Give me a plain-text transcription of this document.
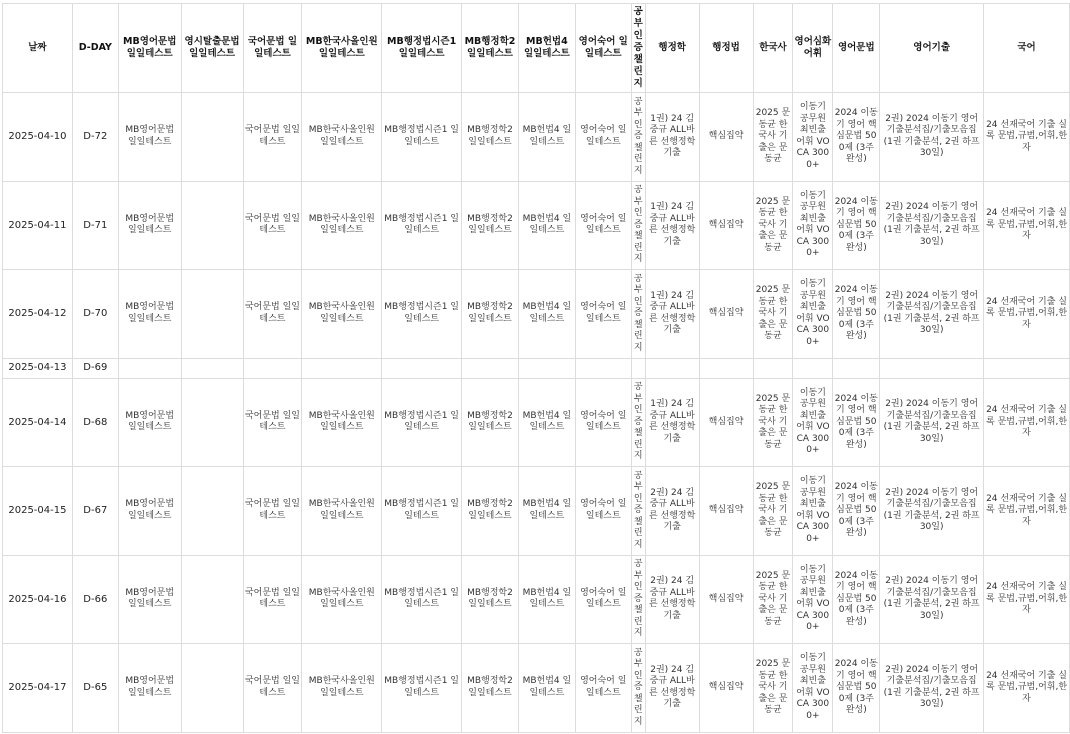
날짜	D-DAY	MB영어문법 일일테스트	영시탈출문법 일일테스트	국어문법 일일테스트	MB한국사올인원 일일테스트	MB행정법시즌1 일일테스트	MB행정학2 일일테스트	MB헌법4 일일테스트	영어숙어 일일테스트	공부인증챌린지	행정학	행정법	한국사	영어심화어휘	영어문법	영어기출	국어
2025-04-10	D-72	MB영어문법 일일테스트		국어문법 일일테스트	MB한국사올인원 일일테스트	MB행정법시즌1 일일테스트	MB행정학2 일일테스트	MB헌법4 일일테스트	영어숙어 일일테스트	공부인증챌린지	1권) 24 김중규 ALL바른 선행정학 기출	핵심집약	2025 문동균 한국사 기출은 문동균	이동기 공무원 최빈출 어휘 VOCA 3000+	2024 이동기 영어 핵심문법 500제 (3주 완성)	2권) 2024 이동기 영어 기출분석집/기출모음집 (1권 기출분석, 2권 하프30일)	24 선재국어 기출 실록 문법,규범,어휘,한자
2025-04-11	D-71	MB영어문법 일일테스트		국어문법 일일테스트	MB한국사올인원 일일테스트	MB행정법시즌1 일일테스트	MB행정학2 일일테스트	MB헌법4 일일테스트	영어숙어 일일테스트	공부인증챌린지	1권) 24 김중규 ALL바른 선행정학 기출	핵심집약	2025 문동균 한국사 기출은 문동균	이동기 공무원 최빈출 어휘 VOCA 3000+	2024 이동기 영어 핵심문법 500제 (3주 완성)	2권) 2024 이동기 영어 기출분석집/기출모음집 (1권 기출분석, 2권 하프30일)	24 선재국어 기출 실록 문법,규범,어휘,한자
2025-04-12	D-70	MB영어문법 일일테스트		국어문법 일일테스트	MB한국사올인원 일일테스트	MB행정법시즌1 일일테스트	MB행정학2 일일테스트	MB헌법4 일일테스트	영어숙어 일일테스트	공부인증챌린지	1권) 24 김중규 ALL바른 선행정학 기출	핵심집약	2025 문동균 한국사 기출은 문동균	이동기 공무원 최빈출 어휘 VOCA 3000+	2024 이동기 영어 핵심문법 500제 (3주 완성)	2권) 2024 이동기 영어 기출분석집/기출모음집 (1권 기출분석, 2권 하프30일)	24 선재국어 기출 실록 문법,규범,어휘,한자
2025-04-13	D-69																
2025-04-14	D-68	MB영어문법 일일테스트		국어문법 일일테스트	MB한국사올인원 일일테스트	MB행정법시즌1 일일테스트	MB행정학2 일일테스트	MB헌법4 일일테스트	영어숙어 일일테스트	공부인증챌린지	1권) 24 김중규 ALL바른 선행정학 기출	핵심집약	2025 문동균 한국사 기출은 문동균	이동기 공무원 최빈출 어휘 VOCA 3000+	2024 이동기 영어 핵심문법 500제 (3주 완성)	2권) 2024 이동기 영어 기출분석집/기출모음집 (1권 기출분석, 2권 하프30일)	24 선재국어 기출 실록 문법,규범,어휘,한자
2025-04-15	D-67	MB영어문법 일일테스트		국어문법 일일테스트	MB한국사올인원 일일테스트	MB행정법시즌1 일일테스트	MB행정학2 일일테스트	MB헌법4 일일테스트	영어숙어 일일테스트	공부인증챌린지	2권) 24 김중규 ALL바른 선행정학 기출	핵심집약	2025 문동균 한국사 기출은 문동균	이동기 공무원 최빈출 어휘 VOCA 3000+	2024 이동기 영어 핵심문법 500제 (3주 완성)	2권) 2024 이동기 영어 기출분석집/기출모음집 (1권 기출분석, 2권 하프30일)	24 선재국어 기출 실록 문법,규범,어휘,한자
2025-04-16	D-66	MB영어문법 일일테스트		국어문법 일일테스트	MB한국사올인원 일일테스트	MB행정법시즌1 일일테스트	MB행정학2 일일테스트	MB헌법4 일일테스트	영어숙어 일일테스트	공부인증챌린지	2권) 24 김중규 ALL바른 선행정학 기출	핵심집약	2025 문동균 한국사 기출은 문동균	이동기 공무원 최빈출 어휘 VOCA 3000+	2024 이동기 영어 핵심문법 500제 (3주 완성)	2권) 2024 이동기 영어 기출분석집/기출모음집 (1권 기출분석, 2권 하프30일)	24 선재국어 기출 실록 문법,규범,어휘,한자
2025-04-17	D-65	MB영어문법 일일테스트		국어문법 일일테스트	MB한국사올인원 일일테스트	MB행정법시즌1 일일테스트	MB행정학2 일일테스트	MB헌법4 일일테스트	영어숙어 일일테스트	공부인증챌린지	2권) 24 김중규 ALL바른 선행정학 기출	핵심집약	2025 문동균 한국사 기출은 문동균	이동기 공무원 최빈출 어휘 VOCA 3000+	2024 이동기 영어 핵심문법 500제 (3주 완성)	2권) 2024 이동기 영어 기출분석집/기출모음집 (1권 기출분석, 2권 하프30일)	24 선재국어 기출 실록 문법,규범,어휘,한자
